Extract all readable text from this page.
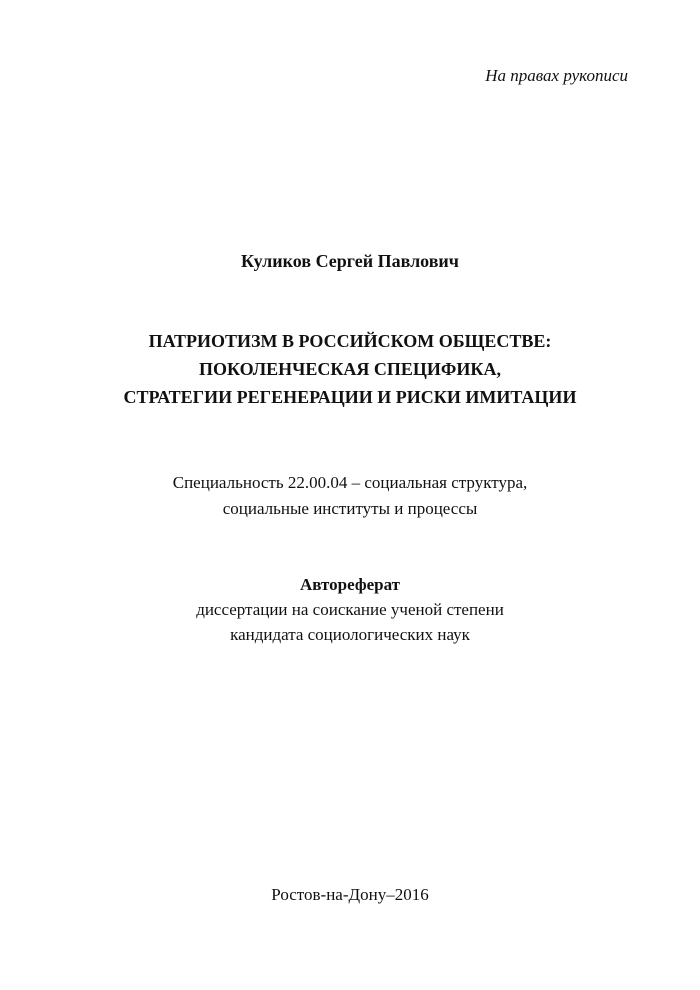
На правах рукописи
Куликов Сергей Павлович
ПАТРИОТИЗМ В РОССИЙСКОМ ОБЩЕСТВЕ:
ПОКОЛЕНЧЕСКАЯ СПЕЦИФИКА,
СТРАТЕГИИ РЕГЕНЕРАЦИИ И РИСКИ ИМИТАЦИИ
Специальность 22.00.04 – социальная структура,
социальные институты и процессы
Автореферат
диссертации на соискание ученой степени
кандидата социологических наук
Ростов-на-Дону–2016
